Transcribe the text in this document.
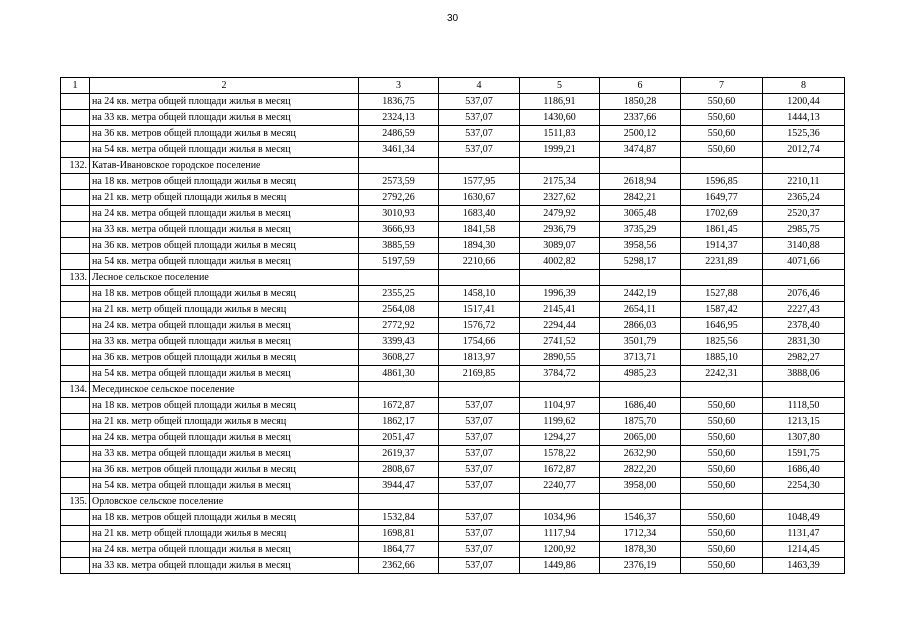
30
1	2	3	4	5	6	7	8
	на 24 кв. метра общей площади жилья в месяц	1836,75	537,07	1186,91	1850,28	550,60	1200,44
	на 33 кв. метра общей площади жилья в месяц	2324,13	537,07	1430,60	2337,66	550,60	1444,13
	на 36 кв. метров общей площади жилья в месяц	2486,59	537,07	1511,83	2500,12	550,60	1525,36
	на 54 кв. метра общей площади жилья в месяц	3461,34	537,07	1999,21	3474,87	550,60	2012,74
132.	Катав-Ивановское городское поселение						
	на 18 кв. метров общей площади жилья в месяц	2573,59	1577,95	2175,34	2618,94	1596,85	2210,11
	на 21 кв. метр общей площади жилья в месяц	2792,26	1630,67	2327,62	2842,21	1649,77	2365,24
	на 24 кв. метра общей площади жилья в месяц	3010,93	1683,40	2479,92	3065,48	1702,69	2520,37
	на 33 кв. метра общей площади жилья в месяц	3666,93	1841,58	2936,79	3735,29	1861,45	2985,75
	на 36 кв. метров общей площади жилья в месяц	3885,59	1894,30	3089,07	3958,56	1914,37	3140,88
	на 54 кв. метра общей площади жилья в месяц	5197,59	2210,66	4002,82	5298,17	2231,89	4071,66
133.	Лесное сельское поселение						
	на 18 кв. метров общей площади жилья в месяц	2355,25	1458,10	1996,39	2442,19	1527,88	2076,46
	на 21 кв. метр общей площади жилья в месяц	2564,08	1517,41	2145,41	2654,11	1587,42	2227,43
	на 24 кв. метра общей площади жилья в месяц	2772,92	1576,72	2294,44	2866,03	1646,95	2378,40
	на 33 кв. метра общей площади жилья в месяц	3399,43	1754,66	2741,52	3501,79	1825,56	2831,30
	на 36 кв. метров общей площади жилья в месяц	3608,27	1813,97	2890,55	3713,71	1885,10	2982,27
	на 54 кв. метра общей площади жилья в месяц	4861,30	2169,85	3784,72	4985,23	2242,31	3888,06
134.	Месединское сельское поселение						
	на 18 кв. метров общей площади жилья в месяц	1672,87	537,07	1104,97	1686,40	550,60	1118,50
	на 21 кв. метр общей площади жилья в месяц	1862,17	537,07	1199,62	1875,70	550,60	1213,15
	на 24 кв. метра общей площади жилья в месяц	2051,47	537,07	1294,27	2065,00	550,60	1307,80
	на 33 кв. метра общей площади жилья в месяц	2619,37	537,07	1578,22	2632,90	550,60	1591,75
	на 36 кв. метров общей площади жилья в месяц	2808,67	537,07	1672,87	2822,20	550,60	1686,40
	на 54 кв. метра общей площади жилья в месяц	3944,47	537,07	2240,77	3958,00	550,60	2254,30
135.	Орловское сельское поселение						
	на 18 кв. метров общей площади жилья в месяц	1532,84	537,07	1034,96	1546,37	550,60	1048,49
	на 21 кв. метр общей площади жилья в месяц	1698,81	537,07	1117,94	1712,34	550,60	1131,47
	на 24 кв. метра общей площади жилья в месяц	1864,77	537,07	1200,92	1878,30	550,60	1214,45
	на 33 кв. метра общей площади жилья в месяц	2362,66	537,07	1449,86	2376,19	550,60	1463,39
